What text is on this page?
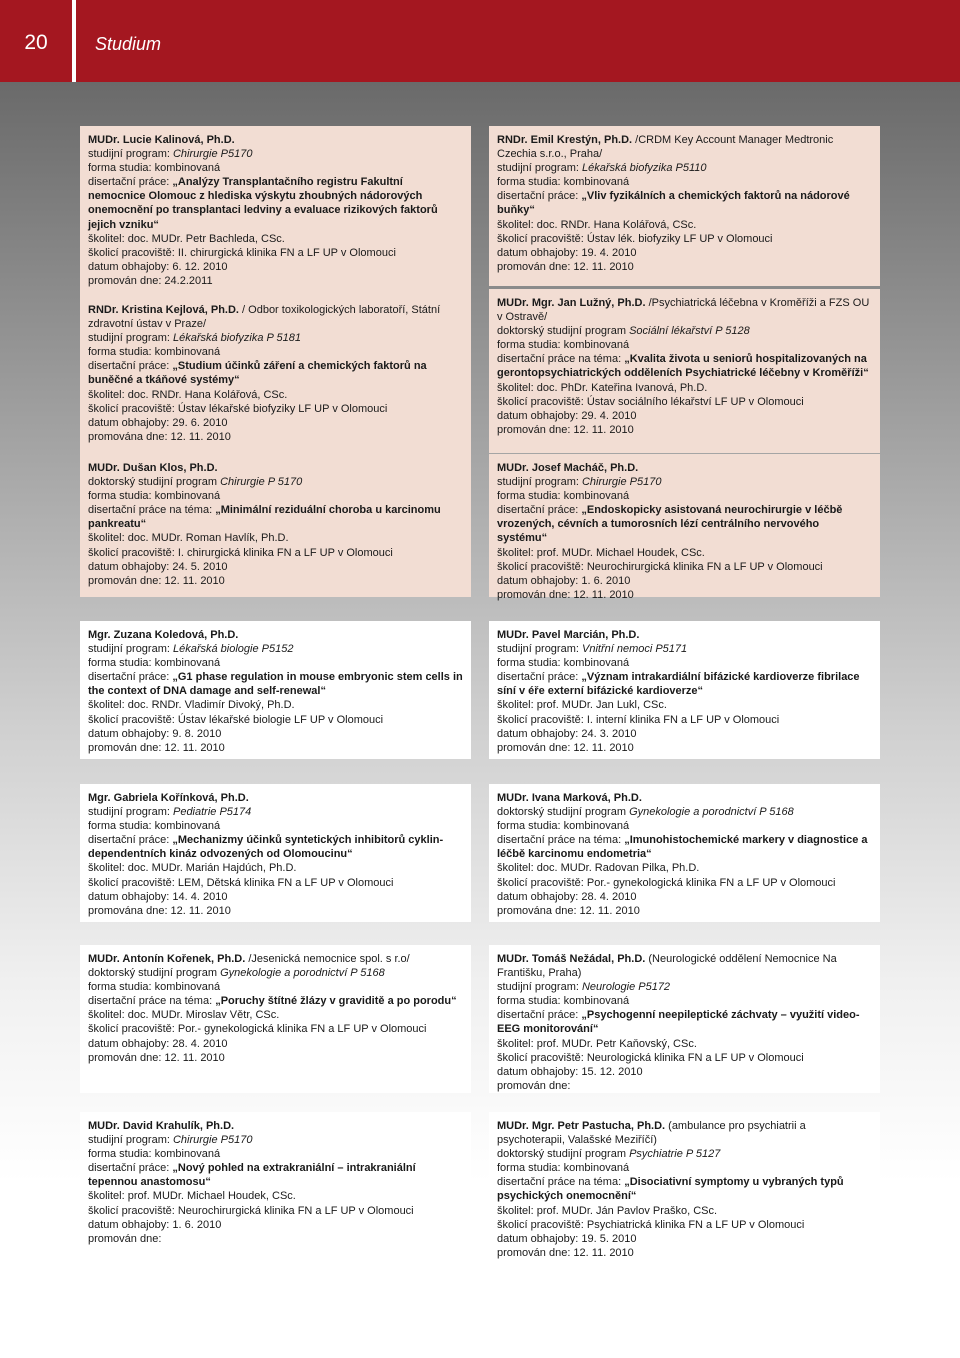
20	Studium

MUDr. Lucie Kalinová, Ph.D.

studijní program: Chirurgie P5170

forma studia: kombinovaná

disertační práce: „Analýzy Transplantačního registru Fakultní nemocnice Olomouc z hlediska výskytu zhoubných nádorových onemocnění po transplantaci ledviny a evaluace rizikových faktorů jejich vzniku“

školitel: doc. MUDr. Petr Bachleda, CSc.

školicí pracoviště: II. chirurgická klinika FN a LF UP v Olomouci

datum obhajoby: 6. 12. 2010

promován dne: 24.2.2011

RNDr. Kristina Kejlová, Ph.D. / Odbor toxikologických laboratoří, Státní zdravotní ústav v Praze/

studijní program: Lékařská biofyzika P 5181

forma studia: kombinovaná

disertační práce: „Studium účinků záření a chemických faktorů na buněčné a tkáňové systémy“

školitel: doc. RNDr. Hana Kolářová, CSc.

školicí pracoviště: Ústav lékařské biofyziky LF UP v Olomouci

datum obhajoby: 29. 6. 2010

promována dne: 12. 11. 2010

MUDr. Dušan Klos, Ph.D.

doktorský studijní program Chirurgie P 5170

forma studia: kombinovaná

disertační práce na téma: „Minimální reziduální choroba u karcinomu pankreatu“

školitel: doc. MUDr. Roman Havlík, Ph.D.

školicí pracoviště: I. chirurgická klinika FN a LF UP v Olomouci

datum obhajoby: 24. 5. 2010

promován dne: 12. 11. 2010

Mgr. Zuzana Koledová, Ph.D.

studijní program: Lékařská biologie P5152

forma studia: kombinovaná

disertační práce: „G1 phase regulation in mouse embryonic stem cells in the context of DNA damage and self-renewal“

školitel: doc. RNDr. Vladimír Divoký, Ph.D.

školicí pracoviště: Ústav lékařské biologie LF UP v Olomouci

datum obhajoby: 9. 8. 2010

promován dne: 12. 11. 2010

Mgr. Gabriela Kořínková, Ph.D.

studijní program: Pediatrie P5174

forma studia: kombinovaná

disertační práce: „Mechanizmy účinků syntetických inhibitorů cyklin-dependentních kináz odvozených od Olomoucinu“

školitel: doc. MUDr. Marián Hajdúch, Ph.D.

školicí pracoviště: LEM, Dětská klinika FN a LF UP v Olomouci

datum obhajoby: 14. 4. 2010

promována dne: 12. 11. 2010

MUDr. Antonín Kořenek, Ph.D. /Jesenická nemocnice spol. s r.o/

doktorský studijní program Gynekologie a porodnictví P 5168

forma studia: kombinovaná

disertační práce na téma: „Poruchy štítné žlázy v graviditě a po porodu“

školitel: doc. MUDr. Miroslav Větr, CSc.

školicí pracoviště: Por.- gynekologická klinika FN a LF UP v Olomouci

datum obhajoby: 28. 4. 2010

promován dne: 12. 11. 2010

MUDr. David Krahulík, Ph.D.

studijní program: Chirurgie P5170

forma studia: kombinovaná

disertační práce: „Nový pohled na extrakraniální – intrakraniální tepennou anastomosu“

školitel: prof. MUDr. Michael Houdek, CSc.

školicí pracoviště: Neurochirurgická klinika FN a LF UP v Olomouci

datum obhajoby: 1. 6. 2010

promován dne:

RNDr. Emil Krestýn, Ph.D. /CRDM Key Account Manager Medtronic Czechia s.r.o., Praha/

studijní program: Lékařská biofyzika P5110

forma studia: kombinovaná

disertační práce: „Vliv fyzikálních a chemických faktorů na nádorové buňky“

školitel: doc. RNDr. Hana Kolářová, CSc.

školicí pracoviště: Ústav lék. biofyziky LF UP v Olomouci

datum obhajoby: 19. 4. 2010

promován dne: 12. 11. 2010

MUDr. Mgr. Jan Lužný, Ph.D. /Psychiatrická léčebna v Kroměříži a FZS OU v Ostravě/

doktorský studijní program Sociální lékařství P 5128

forma studia: kombinovaná

disertační práce na téma: „Kvalita života u seniorů hospitalizovaných na gerontopsychiatrických odděleních Psychiatrické léčebny v Kroměříži“

školitel: doc. PhDr. Kateřina Ivanová, Ph.D.

školicí pracoviště: Ústav sociálního lékařství LF UP v Olomouci

datum obhajoby: 29. 4. 2010

promován dne: 12. 11. 2010

MUDr. Josef Macháč, Ph.D.

studijní program: Chirurgie P5170

forma studia: kombinovaná

disertační práce: „Endoskopicky asistovaná neurochirurgie v léčbě vrozených, cévních a tumorosních lézí centrálního nervového systému“

školitel: prof. MUDr. Michael Houdek, CSc.

školicí pracoviště: Neurochirurgická klinika FN a LF UP v Olomouci

datum obhajoby: 1. 6. 2010

promován dne: 12. 11. 2010

MUDr. Pavel Marcián, Ph.D.

studijní program: Vnitřní nemoci P5171

forma studia: kombinovaná

disertační práce: „Význam intrakardiální bifázické kardioverze fibrilace síní v éře externí bifázické kardioverze“

školitel: prof. MUDr. Jan Lukl, CSc.

školicí pracoviště: I. interní klinika FN a LF UP v Olomouci

datum obhajoby: 24. 3. 2010

promován dne: 12. 11. 2010

MUDr. Ivana Marková, Ph.D.

doktorský studijní program Gynekologie a porodnictví P 5168

forma studia: kombinovaná

disertační práce na téma: „Imunohistochemické markery v diagnostice a léčbě karcinomu endometria“

školitel: doc. MUDr. Radovan Pilka, Ph.D.

školicí pracoviště: Por.- gynekologická klinika FN a LF UP v Olomouci

datum obhajoby: 28. 4. 2010

promována dne: 12. 11. 2010

MUDr. Tomáš Nežádal, Ph.D. (Neurologické oddělení Nemocnice Na Františku, Praha)

studijní program: Neurologie P5172

forma studia: kombinovaná

disertační práce: „Psychogenní neepileptické záchvaty – využití video-EEG monitorování“

školitel: prof. MUDr. Petr Kaňovský, CSc.

školicí pracoviště: Neurologická klinika FN a LF UP v Olomouci

datum obhajoby: 15. 12. 2010

promován dne:

MUDr. Mgr. Petr Pastucha, Ph.D. (ambulance pro psychiatrii a psychoterapii, Valašské Meziříčí)

doktorský studijní program Psychiatrie P 5127

forma studia: kombinovaná

disertační práce na téma: „Disociativní symptomy u vybraných typů psychických onemocnění“

školitel: prof. MUDr. Ján Pavlov Praško, CSc.

školicí pracoviště: Psychiatrická klinika FN a LF UP v Olomouci

datum obhajoby: 19. 5. 2010

promován dne: 12. 11. 2010
